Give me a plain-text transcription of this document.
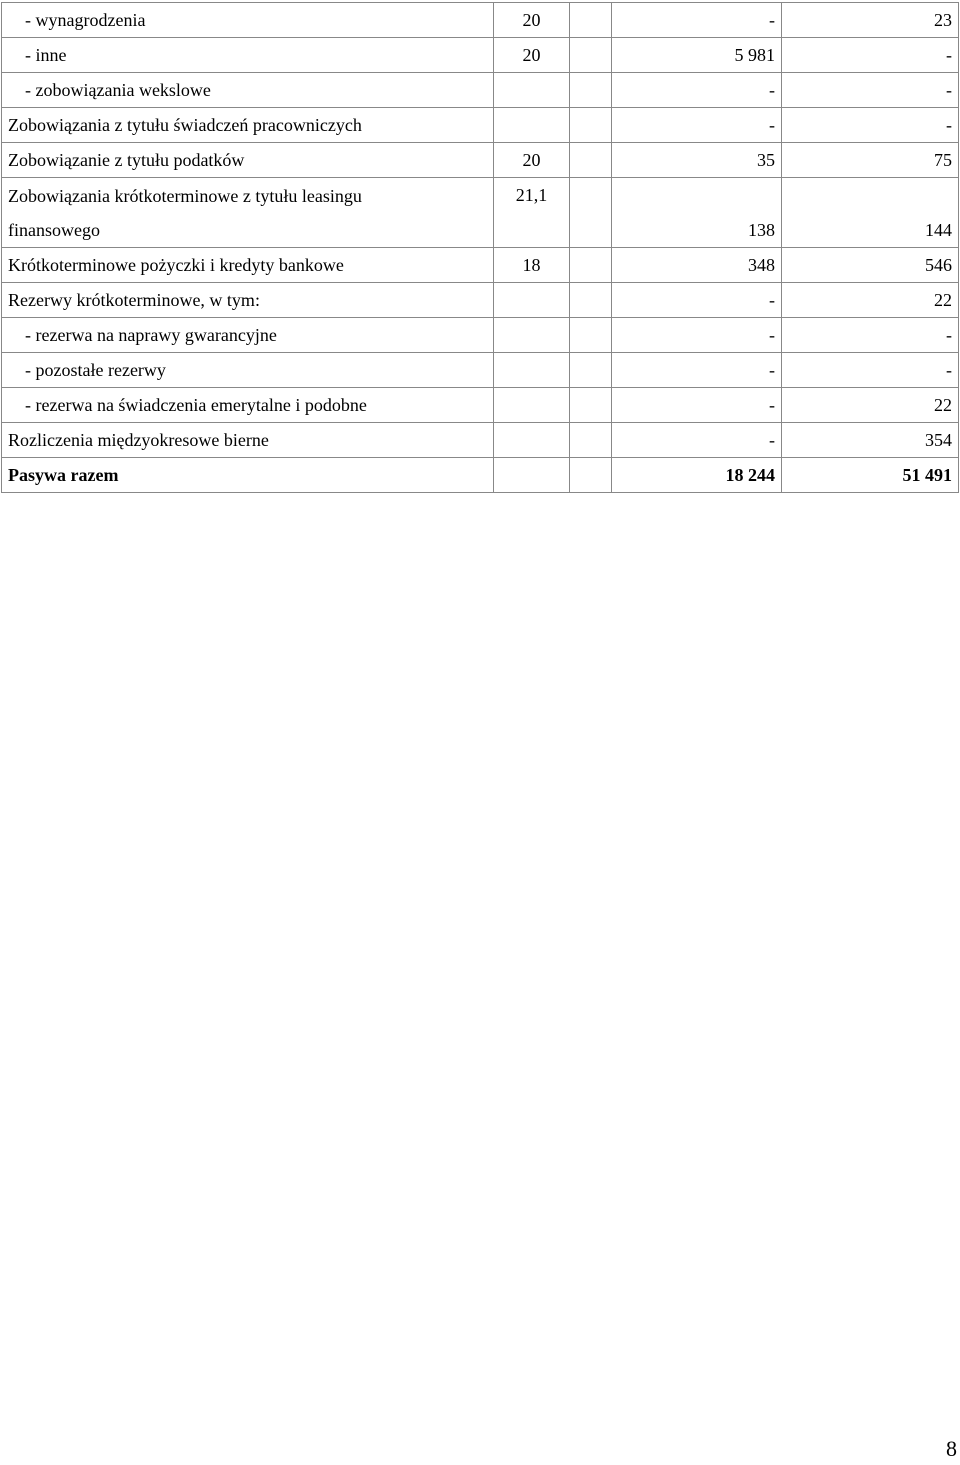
- wynagrodzenia	20		-	23
- inne	20		5 981	-
- zobowiązania wekslowe			-	-
Zobowiązania z tytułu świadczeń pracowniczych			-	-
Zobowiązanie z tytułu podatków	20		35	75

Zobowiązania krótkoterminowe z tytułu leasingu
finansowego	21,1		138	144
Krótkoterminowe pożyczki i kredyty bankowe	18		348	546
Rezerwy krótkoterminowe, w tym:			-	22
- rezerwa na naprawy gwarancyjne			-	-
- pozostałe rezerwy			-	-
- rezerwa na świadczenia emerytalne i podobne			-	22
Rozliczenia międzyokresowe bierne			-	354
Pasywa razem			18 244	51 491
8
